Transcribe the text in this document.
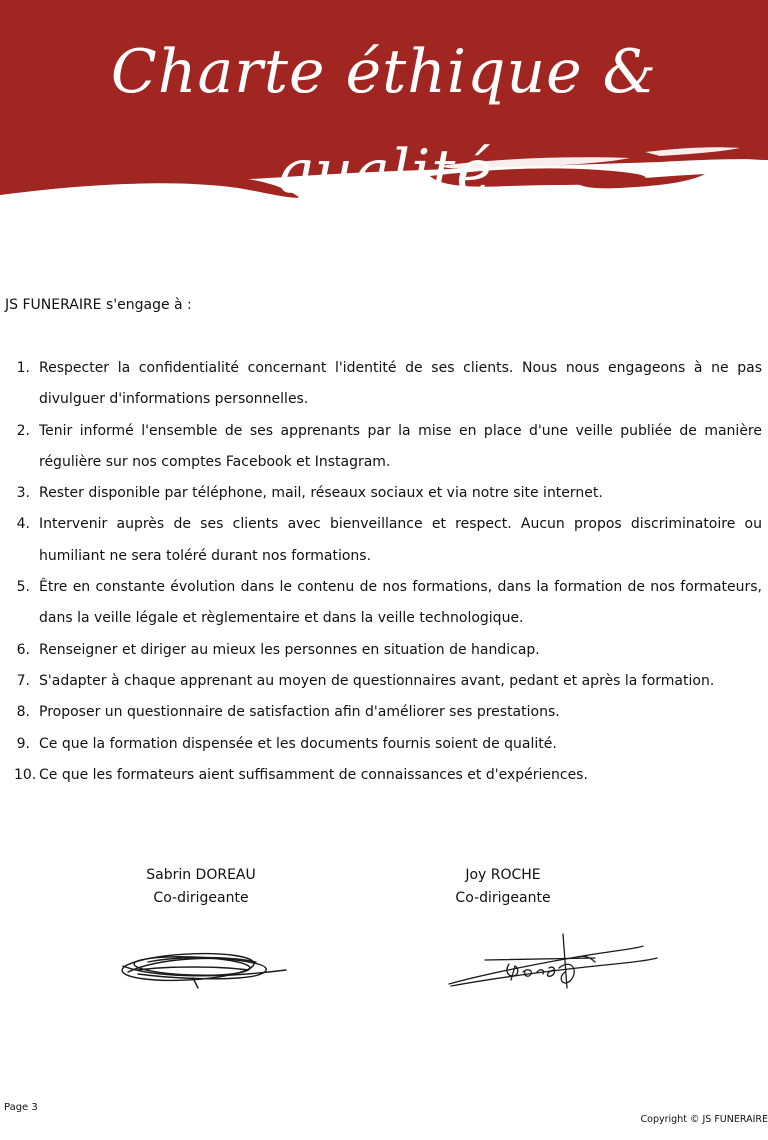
Charte éthique & qualité
JS FUNERAIRE s'engage à :
1. Respecter la confidentialité concernant l'identité de ses clients. Nous nous engageons à ne pas divulguer d'informations personnelles.
2. Tenir informé l'ensemble de ses apprenants par la mise en place d'une veille publiée de manière régulière sur nos comptes Facebook et Instagram.
3. Rester disponible par téléphone, mail, réseaux sociaux et via notre site internet.
4. Intervenir auprès de ses clients avec bienveillance et respect. Aucun propos discriminatoire ou humiliant ne sera toléré durant nos formations.
5. Être en constante évolution dans le contenu de nos formations, dans la formation de nos formateurs, dans la veille légale et règlementaire et dans la veille technologique.
6. Renseigner et diriger au mieux les personnes en situation de handicap.
7. S'adapter à chaque apprenant au moyen de questionnaires avant, pedant et après la formation.
8. Proposer un questionnaire de satisfaction afin d'améliorer ses prestations.
9. Ce que la formation dispensée et les documents fournis soient de qualité.
10. Ce que les formateurs aient suffisamment de connaissances et d'expériences.
Sabrin DOREAU
Co-dirigeante
Joy ROCHE
Co-dirigeante
Page 3
Copyright © JS FUNERAIRE
